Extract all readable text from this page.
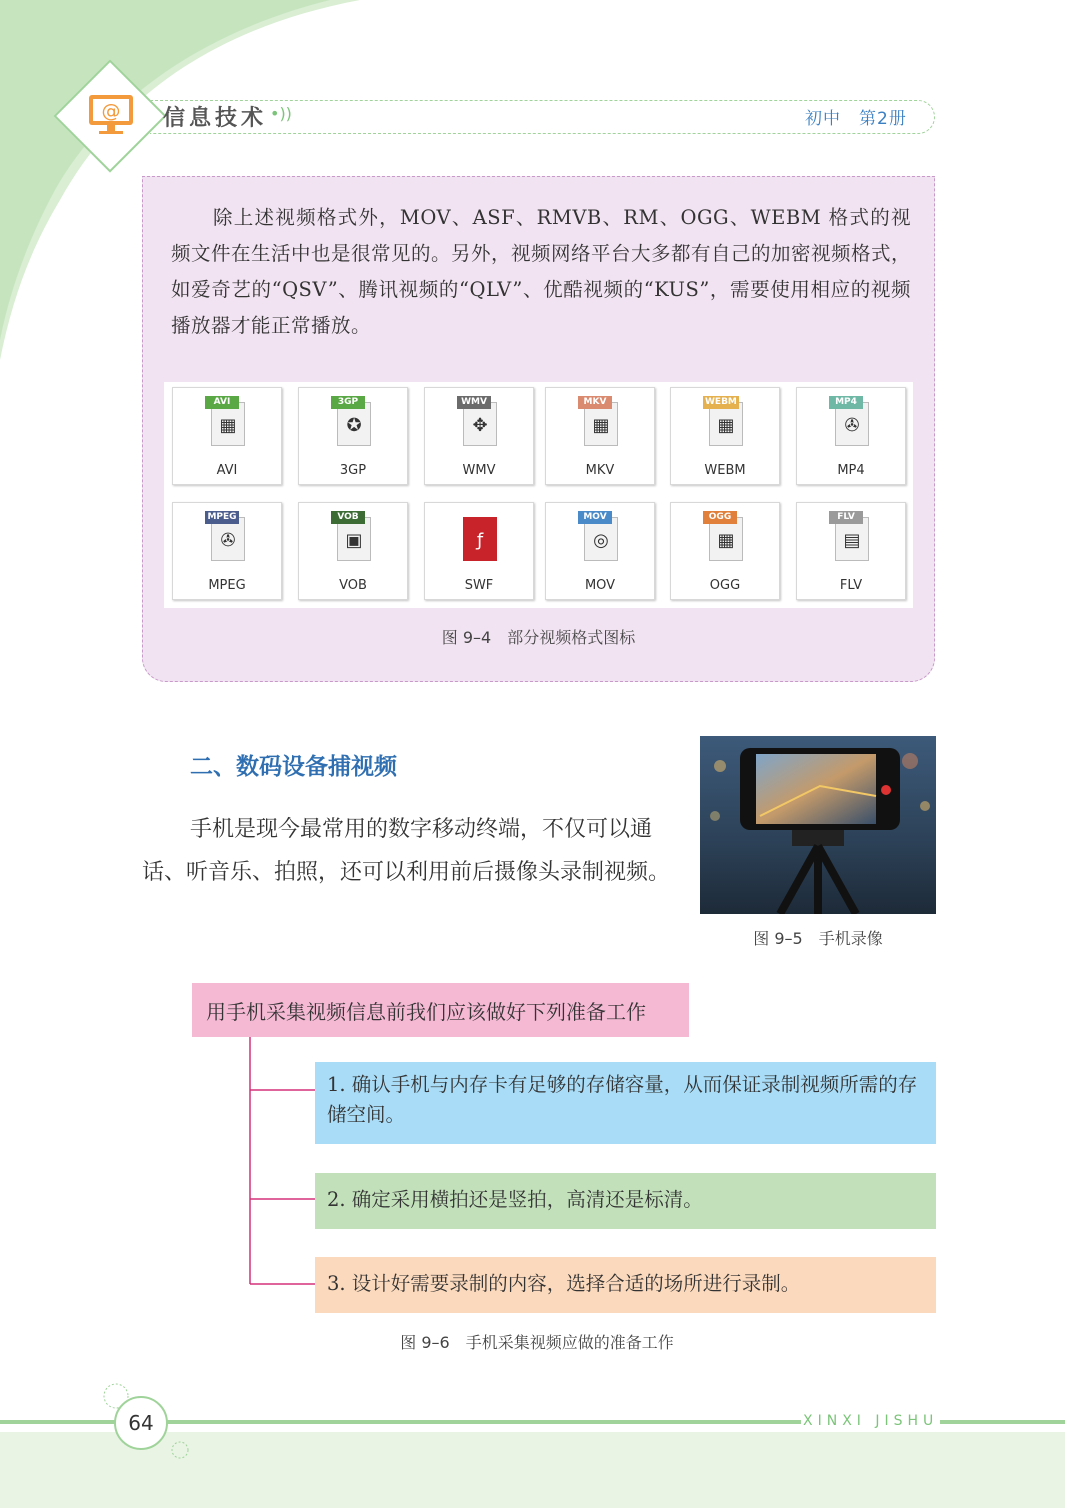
@ 信息技术 •))	初中　第2册
除上述视频格式外，MOV、ASF、RMVB、RM、OGG、WEBM 格式的视频文件在生活中也是很常见的。另外，视频网络平台大多都有自己的加密视频格式，如爱奇艺的“QSV”、腾讯视频的“QLV”、优酷视频的“KUS”，需要使用相应的视频播放器才能正常播放。
▦
AVI
AVI
✪
3GP
3GP
✥
WMV
WMV
▦
MKV
MKV
▦
WEBM
WEBM
✇
MP4
MP4
✇
MPEG
MPEG
▣
VOB
VOB
ƒ
SWF
◎
MOV
MOV
▦
OGG
OGG
▤
FLV
FLV
图 9–4　部分视频格式图标
二、数码设备捕视频
手机是现今最常用的数字移动终端，不仅可以通话、听音乐、拍照，还可以利用前后摄像头录制视频。
图 9–5　手机录像
用手机采集视频信息前我们应该做好下列准备工作
1. 确认手机与内存卡有足够的存储容量，从而保证录制视频所需的存储空间。
2. 确定采用横拍还是竖拍，高清还是标清。
3. 设计好需要录制的内容，选择合适的场所进行录制。
图 9–6　手机采集视频应做的准备工作
64	XINXI JISHU
